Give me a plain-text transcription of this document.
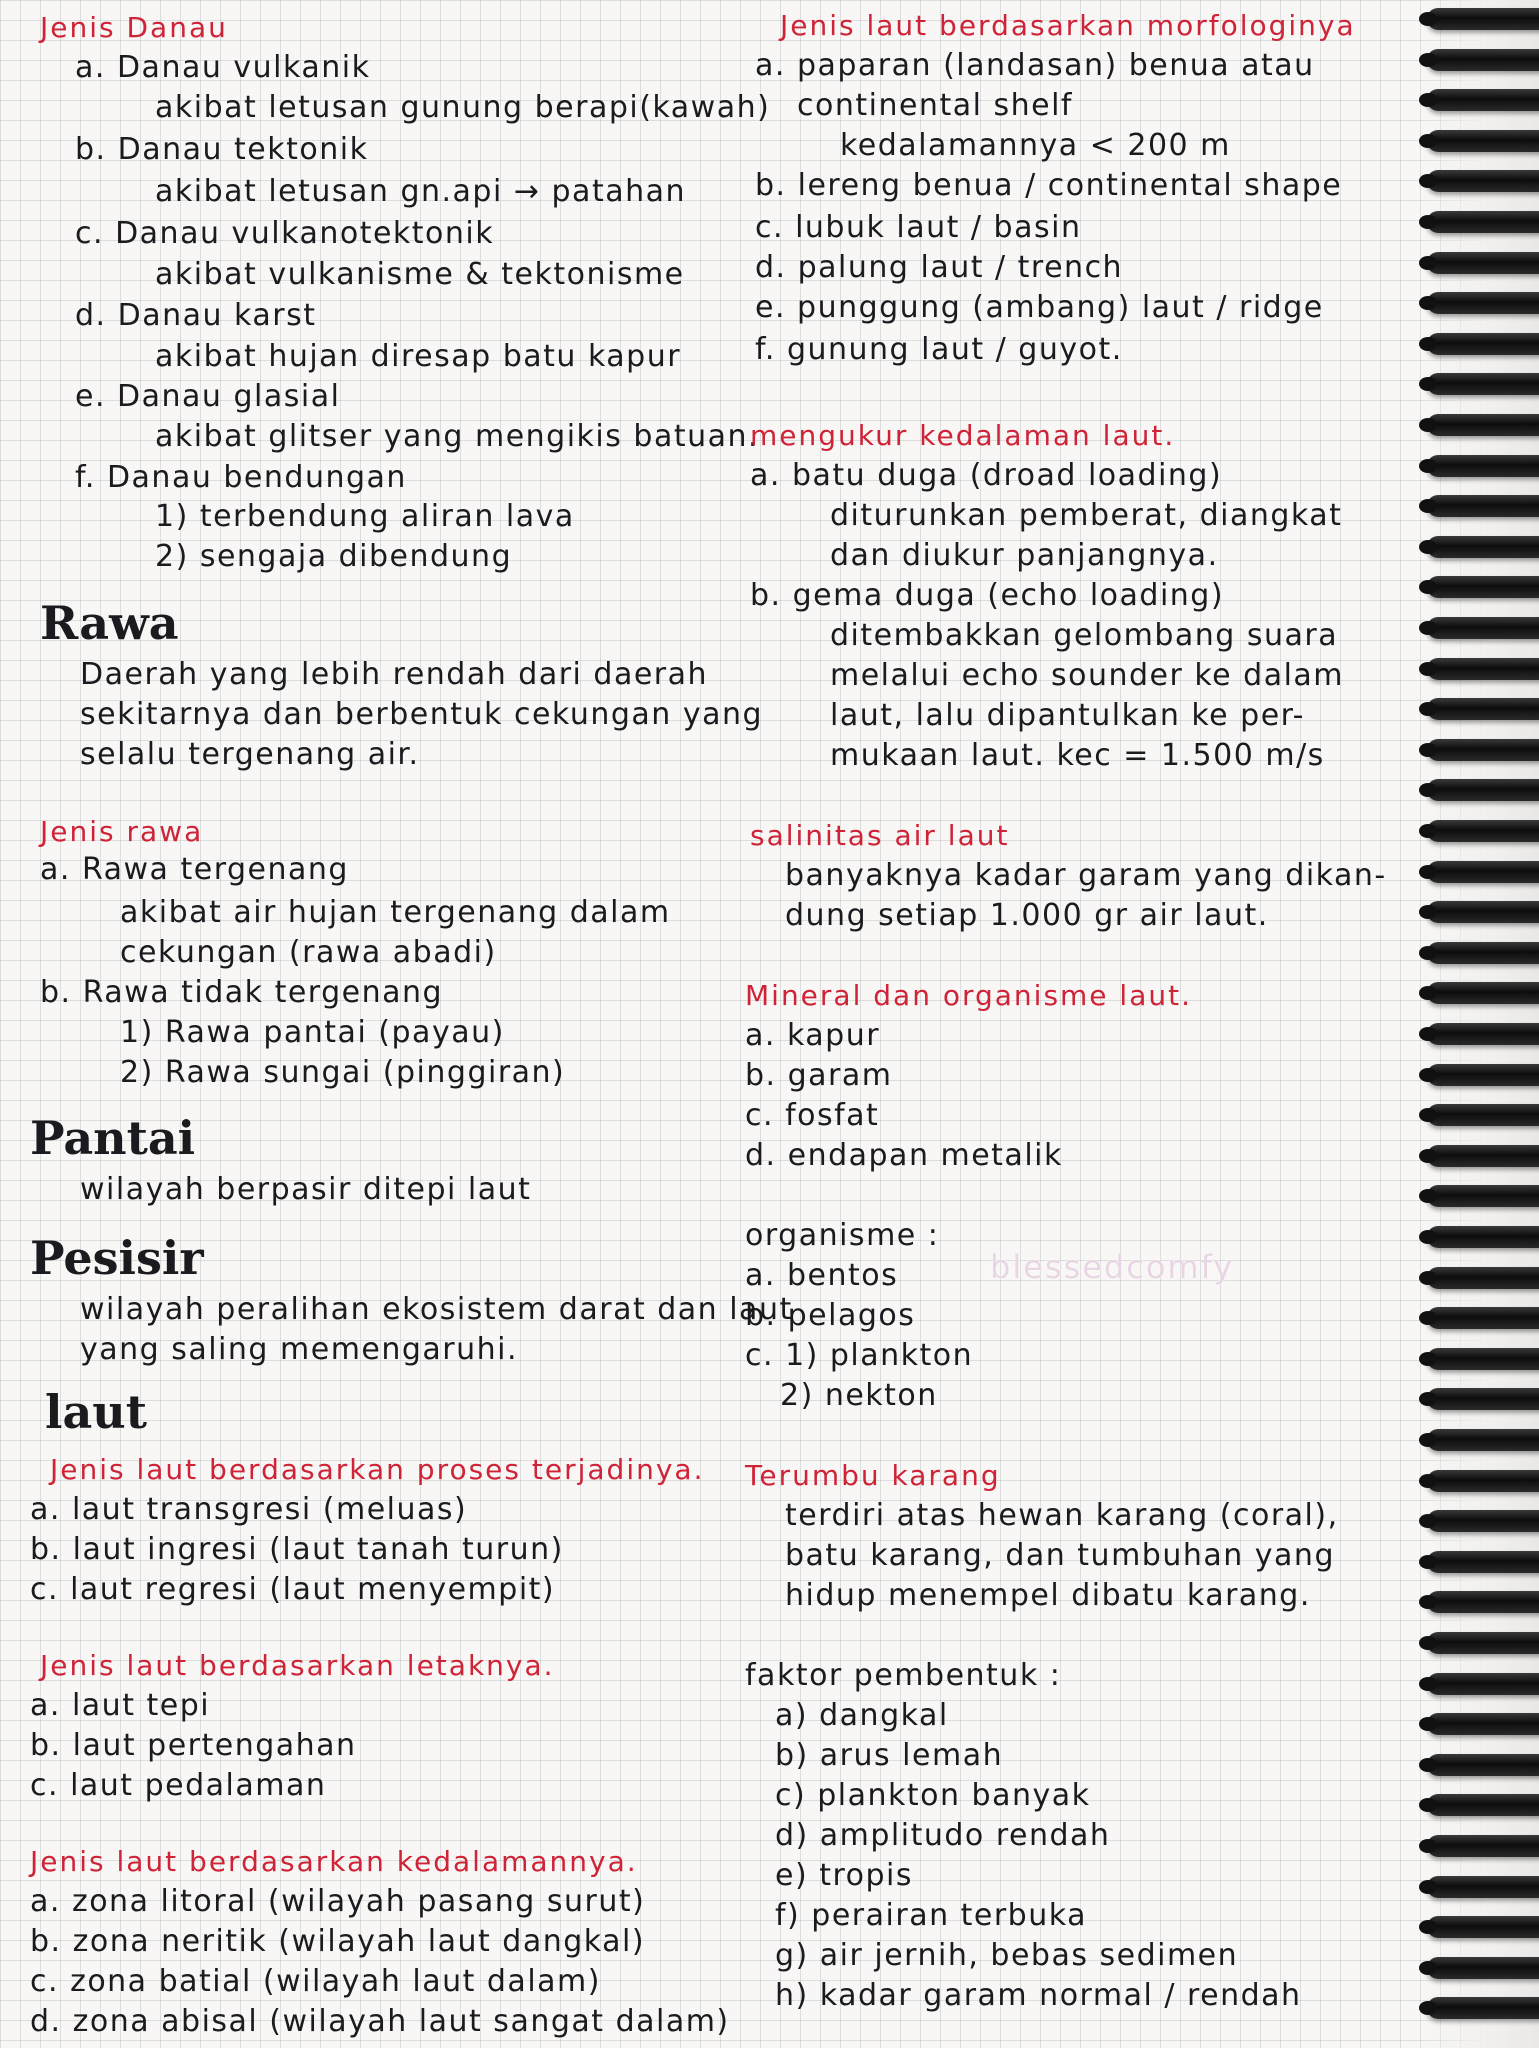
Jenis Danau
a. Danau vulkanik
akibat letusan gunung berapi(kawah)
b. Danau tektonik
akibat letusan gn.api → patahan
c. Danau vulkanotektonik
akibat vulkanisme & tektonisme
d. Danau karst
akibat hujan diresap batu kapur
e. Danau glasial
akibat glitser yang mengikis batuan.
f. Danau bendungan
1) terbendung aliran lava
2) sengaja dibendung
Rawa
Daerah yang lebih rendah dari daerah
sekitarnya dan berbentuk cekungan yang
selalu tergenang air.
Jenis rawa
a. Rawa tergenang
akibat air hujan tergenang dalam
cekungan (rawa abadi)
b. Rawa tidak tergenang
1) Rawa pantai (payau)
2) Rawa sungai (pinggiran)
Pantai
wilayah berpasir ditepi laut
Pesisir
wilayah peralihan ekosistem darat dan laut
yang saling memengaruhi.
laut
Jenis laut berdasarkan proses terjadinya.
a. laut transgresi (meluas)
b. laut ingresi (laut tanah turun)
c. laut regresi (laut menyempit)
Jenis laut berdasarkan letaknya.
a. laut tepi
b. laut pertengahan
c. laut pedalaman
Jenis laut berdasarkan kedalamannya.
a. zona litoral (wilayah pasang surut)
b. zona neritik (wilayah laut dangkal)
c. zona batial (wilayah laut dalam)
d. zona abisal (wilayah laut sangat dalam)
Jenis laut berdasarkan morfologinya
a. paparan (landasan) benua atau
continental shelf
kedalamannya < 200 m
b. lereng benua / continental shape
c. lubuk laut / basin
d. palung laut / trench
e. punggung (ambang) laut / ridge
f. gunung laut / guyot.
mengukur kedalaman laut.
a. batu duga (droad loading)
diturunkan pemberat, diangkat
dan diukur panjangnya.
b. gema duga (echo loading)
ditembakkan gelombang suara
melalui echo sounder ke dalam
laut, lalu dipantulkan ke per-
mukaan laut. kec = 1.500 m/s
salinitas air laut
banyaknya kadar garam yang dikan-
dung setiap 1.000 gr air laut.
Mineral dan organisme laut.
a. kapur
b. garam
c. fosfat
d. endapan metalik
organisme :
a. bentos
b. pelagos
c. 1) plankton
2) nekton
Terumbu karang
terdiri atas hewan karang (coral),
batu karang, dan tumbuhan yang
hidup menempel dibatu karang.
faktor pembentuk :
a) dangkal
b) arus lemah
c) plankton banyak
d) amplitudo rendah
e) tropis
f) perairan terbuka
g) air jernih, bebas sedimen
h) kadar garam normal / rendah
blessedcomfy
